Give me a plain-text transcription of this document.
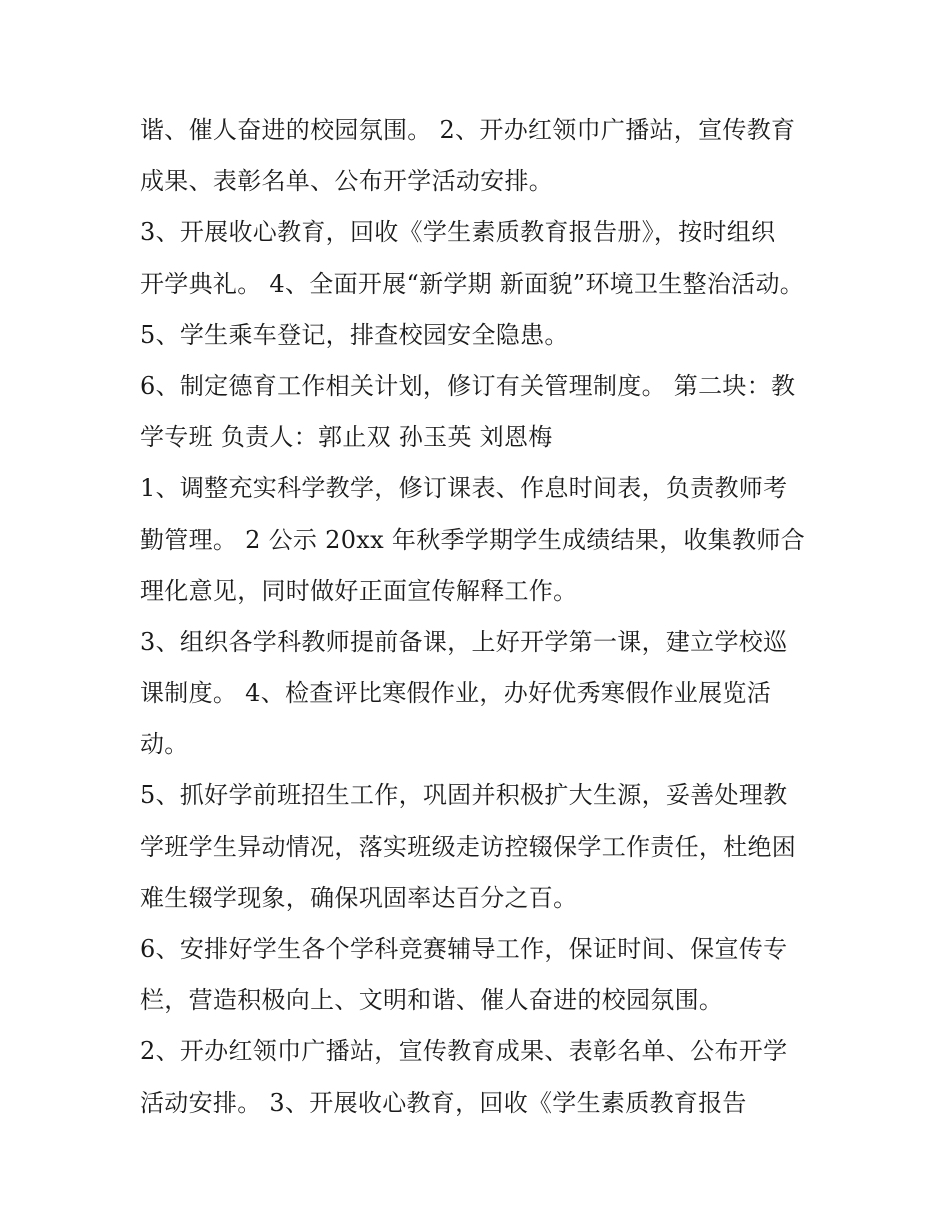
谐、催人奋进的校园氛围。 2、开办红领巾广播站，宣传教育
成果、表彰名单、公布开学活动安排。
3、开展收心教育，回收《学生素质教育报告册》，按时组织
开学典礼。 4、全面开展“新学期 新面貌”环境卫生整治活动。
5、学生乘车登记，排查校园安全隐患。
6、制定德育工作相关计划，修订有关管理制度。 第二块：教
学专班 负责人：郭止双 孙玉英 刘恩梅
1、调整充实科学教学，修订课表、作息时间表，负责教师考
勤管理。 2 公示 20xx 年秋季学期学生成绩结果，收集教师合
理化意见，同时做好正面宣传解释工作。
3、组织各学科教师提前备课，上好开学第一课，建立学校巡
课制度。 4、检查评比寒假作业，办好优秀寒假作业展览活
动。
5、抓好学前班招生工作，巩固并积极扩大生源，妥善处理教
学班学生异动情况，落实班级走访控辍保学工作责任，杜绝困
难生辍学现象，确保巩固率达百分之百。
6、安排好学生各个学科竞赛辅导工作，保证时间、保宣传专
栏，营造积极向上、文明和谐、催人奋进的校园氛围。
2、开办红领巾广播站，宣传教育成果、表彰名单、公布开学
活动安排。 3、开展收心教育，回收《学生素质教育报告
